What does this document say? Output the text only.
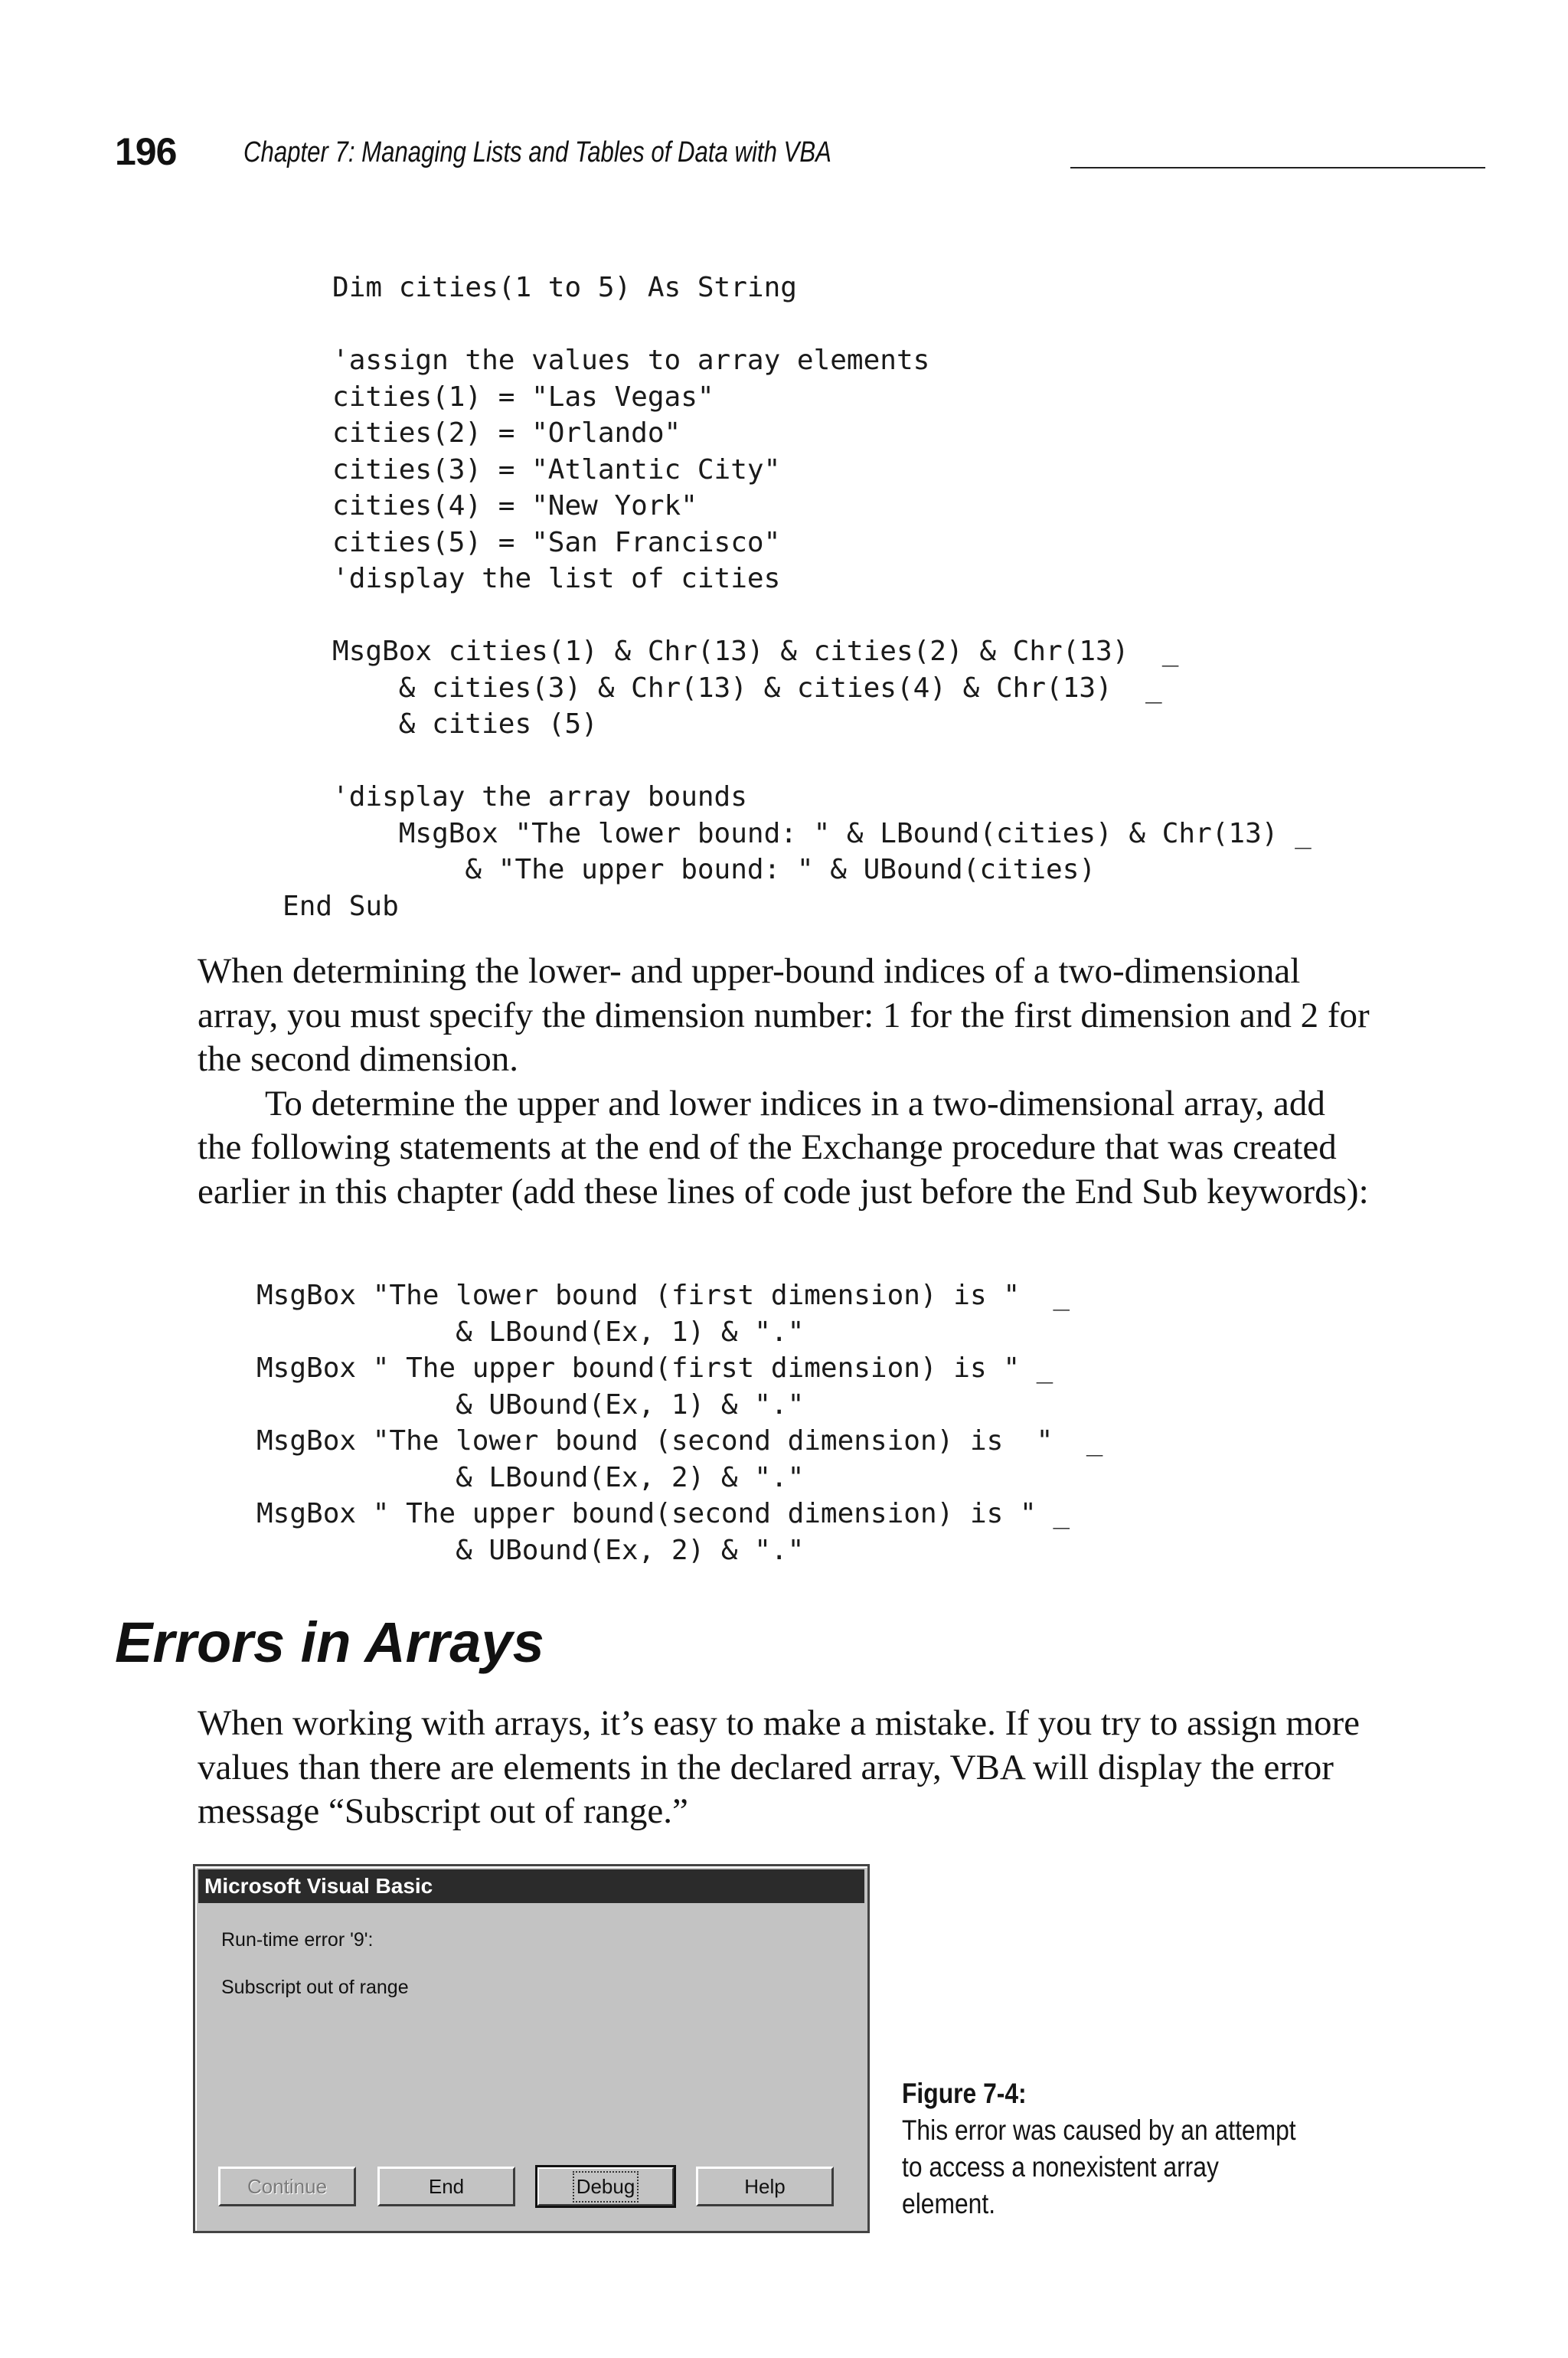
196 Chapter 7: Managing Lists and Tables of Data with VBA
Dim cities(1 to 5) As String
'assign the values to array elements
cities(1) = "Las Vegas"
cities(2) = "Orlando"
cities(3) = "Atlantic City"
cities(4) = "New York"
cities(5) = "San Francisco"
'display the list of cities
MsgBox cities(1) & Chr(13) & cities(2) & Chr(13)  _
& cities(3) & Chr(13) & cities(4) & Chr(13)  _
& cities (5)
'display the array bounds
MsgBox "The lower bound: " & LBound(cities) & Chr(13) _
& "The upper bound: " & UBound(cities)
End Sub

When determining the lower- and upper-bound indices of a two-dimensional array, you must specify the dimension number: 1 for the first dimension and 2 for the second dimension.

To determine the upper and lower indices in a two-dimensional array, add the following statements at the end of the Exchange procedure that was created earlier in this chapter (add these lines of code just before the End Sub keywords):

MsgBox "The lower bound (first dimension) is "  _
& LBound(Ex, 1) & "."
MsgBox " The upper bound(first dimension) is " _
& UBound(Ex, 1) & "."
MsgBox "The lower bound (second dimension) is  "  _
& LBound(Ex, 2) & "."
MsgBox " The upper bound(second dimension) is " _
& UBound(Ex, 2) & "."
Errors in Arrays

When working with arrays, it’s easy to make a mistake. If you try to assign more values than there are elements in the declared array, VBA will display the error message “Subscript out of range.”

Microsoft Visual Basic
Run-time error '9':
Subscript out of range
Continue	End	Debug	Help
Figure 7-4:
This error was caused by an attempt to access a nonexistent array element.
